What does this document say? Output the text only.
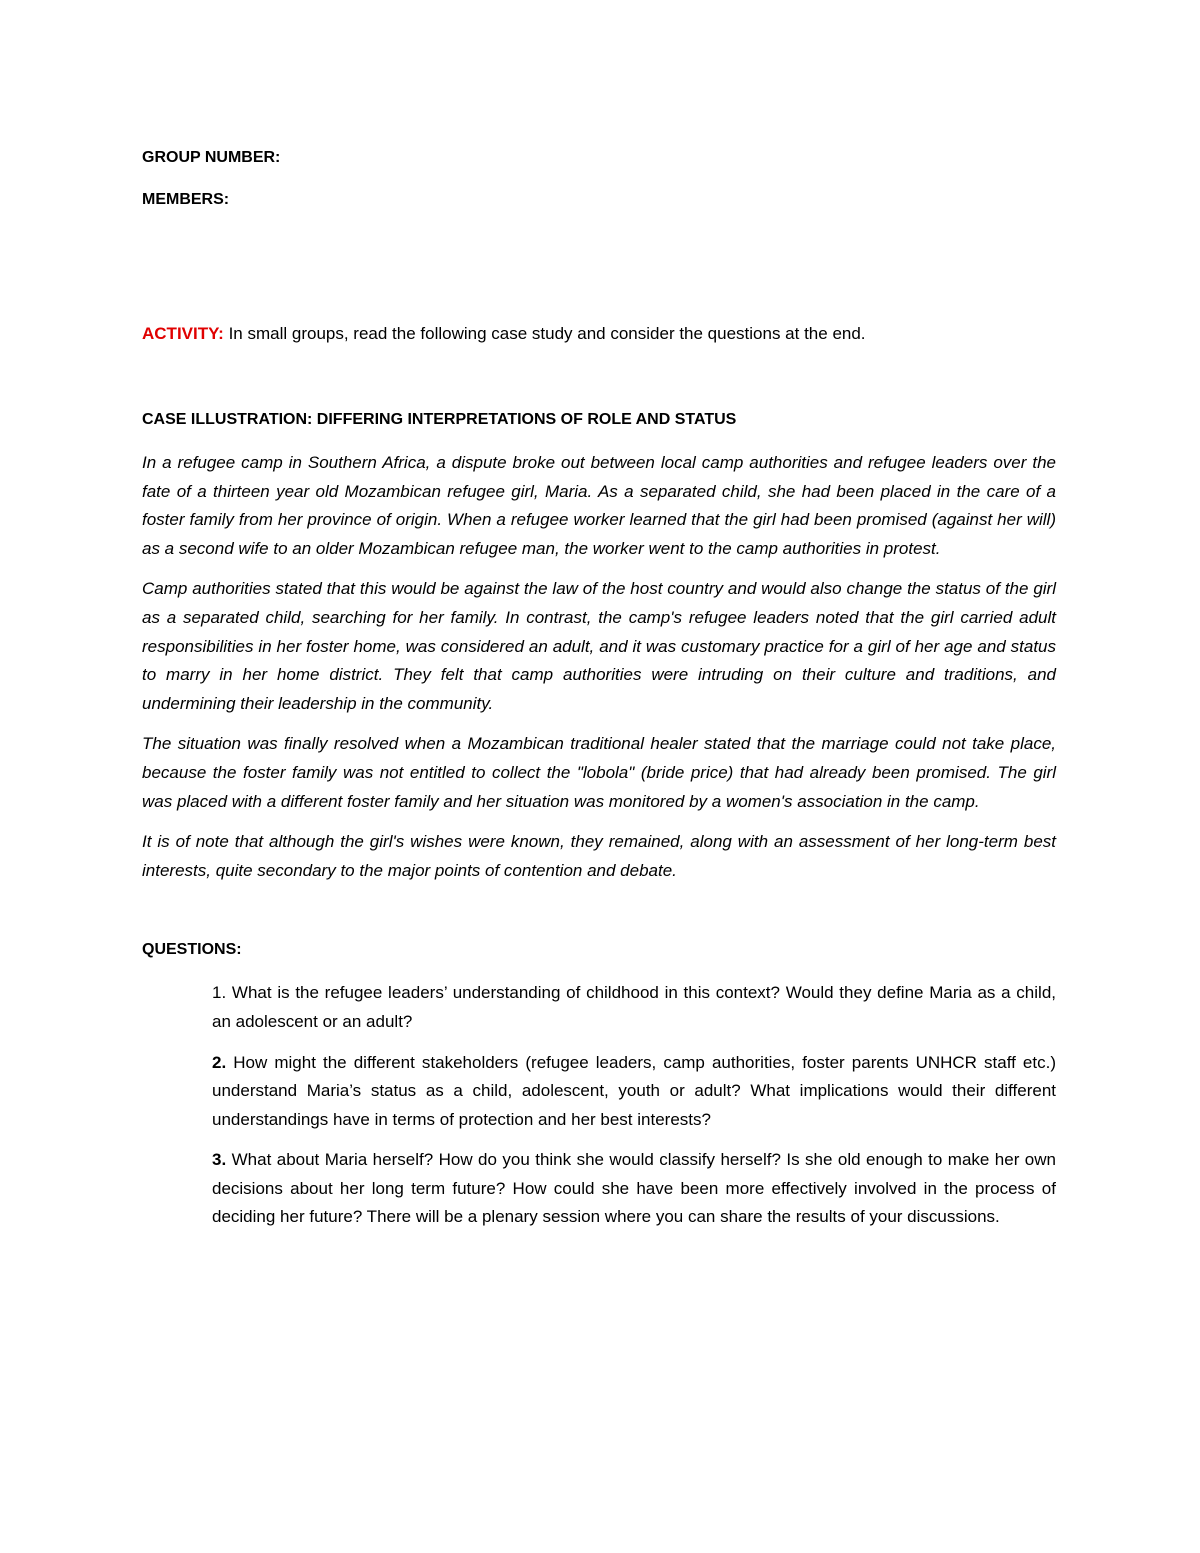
GROUP NUMBER:

MEMBERS:

ACTIVITY: In small groups, read the following case study and consider the questions at the end.

CASE ILLUSTRATION: DIFFERING INTERPRETATIONS OF ROLE AND STATUS

In a refugee camp in Southern Africa, a dispute broke out between local camp authorities and refugee leaders over the fate of a thirteen year old Mozambican refugee girl, Maria. As a separated child, she had been placed in the care of a foster family from her province of origin. When a refugee worker learned that the girl had been promised (against her will) as a second wife to an older Mozambican refugee man, the worker went to the camp authorities in protest.

Camp authorities stated that this would be against the law of the host country and would also change the status of the girl as a separated child, searching for her family. In contrast, the camp's refugee leaders noted that the girl carried adult responsibilities in her foster home, was considered an adult, and it was customary practice for a girl of her age and status to marry in her home district. They felt that camp authorities were intruding on their culture and traditions, and undermining their leadership in the community.

The situation was finally resolved when a Mozambican traditional healer stated that the marriage could not take place, because the foster family was not entitled to collect the "lobola" (bride price) that had already been promised. The girl was placed with a different foster family and her situation was monitored by a women's association in the camp.

It is of note that although the girl's wishes were known, they remained, along with an assessment of her long-term best interests, quite secondary to the major points of contention and debate.

QUESTIONS:

1. What is the refugee leaders’ understanding of childhood in this context? Would they define Maria as a child, an adolescent or an adult?

2. How might the different stakeholders (refugee leaders, camp authorities, foster parents UNHCR staff etc.) understand Maria’s status as a child, adolescent, youth or adult? What implications would their different understandings have in terms of protection and her best interests?

3. What about Maria herself? How do you think she would classify herself? Is she old enough to make her own decisions about her long term future? How could she have been more effectively involved in the process of deciding her future? There will be a plenary session where you can share the results of your discussions.
